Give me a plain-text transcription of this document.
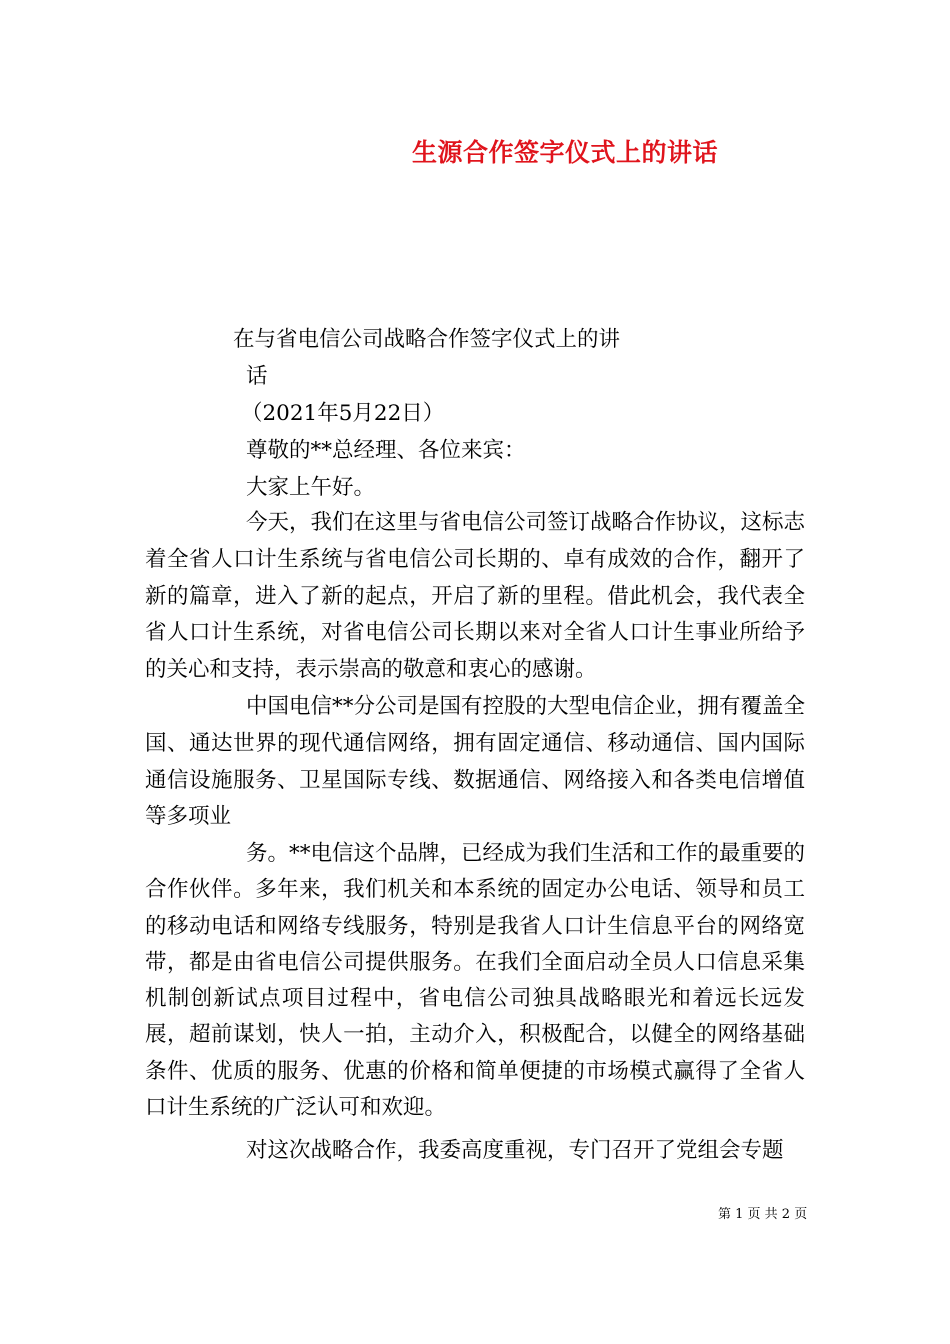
生源合作签字仪式上的讲话
在与省电信公司战略合作签字仪式上的讲
话
（2021年5月22日）
尊敬的**总经理、各位来宾：
大家上午好。

今天，我们在这里与省电信公司签订战略合作协议，这标志着全省人口计生系统与省电信公司长期的、卓有成效的合作，翻开了新的篇章，进入了新的起点，开启了新的里程。借此机会，我代表全省人口计生系统，对省电信公司长期以来对全省人口计生事业所给予的关心和支持，表示崇高的敬意和衷心的感谢。

中国电信**分公司是国有控股的大型电信企业，拥有覆盖全国、通达世界的现代通信网络，拥有固定通信、移动通信、国内国际通信设施服务、卫星国际专线、数据通信、网络接入和各类电信增值等多项业

务。**电信这个品牌，已经成为我们生活和工作的最重要的合作伙伴。多年来，我们机关和本系统的固定办公电话、领导和员工的移动电话和网络专线服务，特别是我省人口计生信息平台的网络宽带，都是由省电信公司提供服务。在我们全面启动全员人口信息采集机制创新试点项目过程中，省电信公司独具战略眼光和着远长远发展，超前谋划，快人一拍，主动介入，积极配合，以健全的网络基础条件、优质的服务、优惠的价格和简单便捷的市场模式赢得了全省人口计生系统的广泛认可和欢迎。

对这次战略合作，我委高度重视，专门召开了党组会专题

第 1 页 共 2 页
